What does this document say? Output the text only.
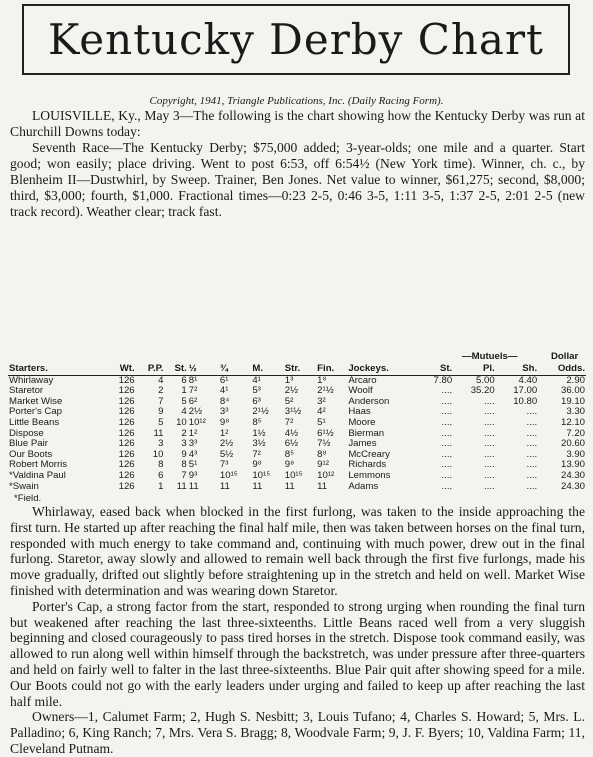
Kentucky Derby Chart
Copyright, 1941, Triangle Publications, Inc. (Daily Racing Form).

LOUISVILLE, Ky., May 3—The following is the chart showing how the Kentucky Derby was run at Churchill Downs today:

Seventh Race—The Kentucky Derby; $75,000 added; 3-year-olds; one mile and a quarter. Start good; won easily; place driving. Went to post 6:53, off 6:54½ (New York time). Winner, ch. c., by Blenheim II—Dustwhirl, by Sweep. Trainer, Ben Jones. Net value to winner, $61,275; second, $8,000; third, $3,000; fourth, $1,000. Fractional times—0:23 2-5, 0:46 3-5, 1:11 3-5, 1:37 2-5, 2:01 2-5 (new track record). Weather clear; track fast.

—Mutuels—	Dollar
Starters.	Wt.	P.P.	St.	½	¾	M.	Str.	Fin.	Jockeys.	St.	Pl.	Sh.	Odds.
Whirlaway	126	4	6	8¹	6¹	4¹	1³	1⁸	Arcaro	7.80	5.00	4.40	2.90
Staretor	126	2	1	7²	4¹	5³	2½	2¹½	Woolf	....	35.20	17.00	36.00
Market Wise	126	7	5	6²	8⁴	6³	5²	3²	Anderson	....	....	10.80	19.10
Porter's Cap	126	9	4	2½	3³	2¹½	3¹½	4²	Haas	....	....	....	3.30
Little Beans	126	5	10	10¹²	9⁸	8⁵	7²	5¹	Moore	....	....	....	12.10
Dispose	126	11	2	1²	1²	1½	4½	6¹½	Bierman	....	....	....	7.20
Blue Pair	126	3	3	3³	2½	3½	6½	7½	James	....	....	....	20.60
Our Boots	126	10	9	4³	5½	7²	8⁵	8⁸	McCreary	....	....	....	3.90
Robert Morris	126	8	8	5¹	7³	9⁸	9⁸	9¹²	Richards	....	....	....	13.90
*Valdina Paul	126	6	7	9³	10¹⁵	10¹⁵	10¹⁵	10¹²	Lemmons	....	....	....	24.30
*Swain	126	1	11	11	11	11	11	11	Adams	....	....	....	24.30
*Field.

Whirlaway, eased back when blocked in the first furlong, was taken to the inside approaching the first turn. He started up after reaching the final half mile, then was taken between horses on the final turn, responded with much energy to take command and, continuing with much power, drew out in the final furlong. Staretor, away slowly and allowed to remain well back through the first five furlongs, made his move gradually, drifted out slightly before straightening up in the stretch and held on well. Market Wise finished with determination and was wearing down Staretor.

Porter's Cap, a strong factor from the start, responded to strong urging when rounding the final turn but weakened after reaching the last three-sixteenths. Little Beans raced well from a very sluggish beginning and closed courageously to pass tired horses in the stretch. Dispose took command easily, was allowed to run along well within himself through the backstretch, was under pressure after three-quarters and held on fairly well to falter in the last three-sixteenths. Blue Pair quit after showing speed for a mile. Our Boots could not go with the early leaders under urging and failed to keep up after reaching the last half mile.

Owners—1, Calumet Farm; 2, Hugh S. Nesbitt; 3, Louis Tufano; 4, Charles S. Howard; 5, Mrs. L. Palladino; 6, King Ranch; 7, Mrs. Vera S. Bragg; 8, Woodvale Farm; 9, J. F. Byers; 10, Valdina Farm; 11, Cleveland Putnam.
